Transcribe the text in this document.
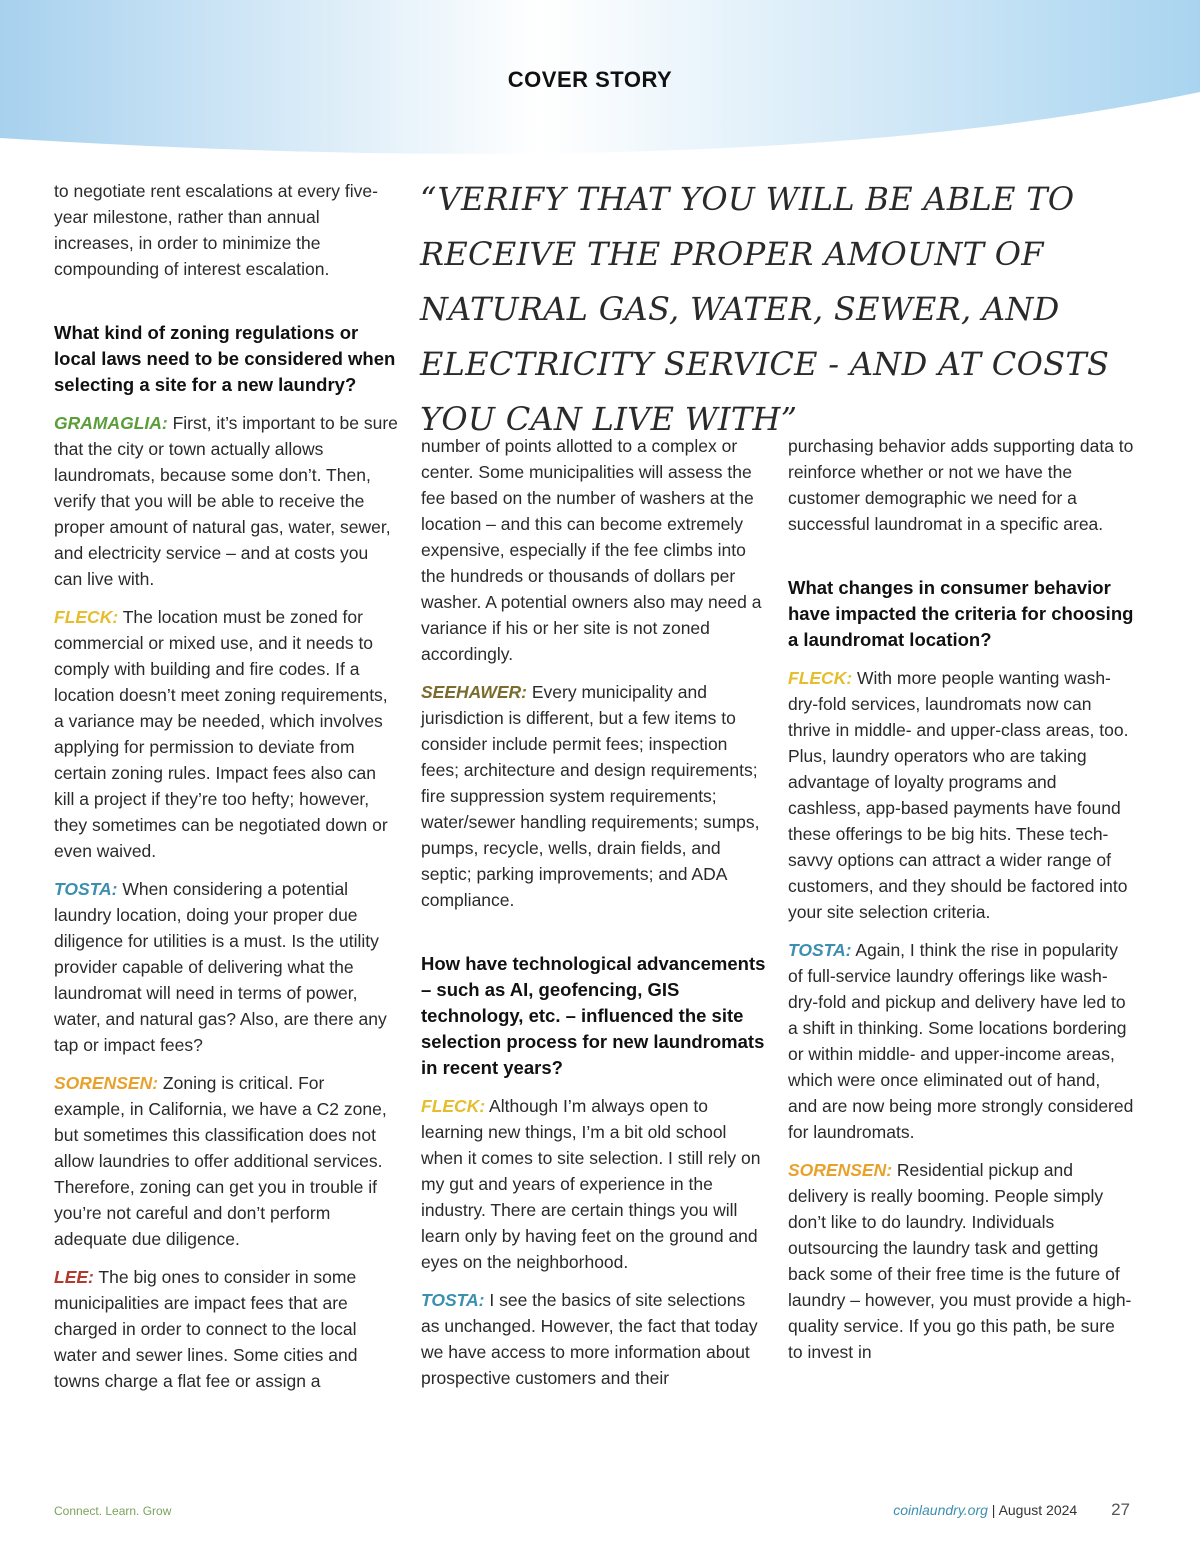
COVER STORY

to negotiate rent escalations at every five-year milestone, rather than annual increases, in order to minimize the compounding of interest escalation.

What kind of zoning regulations or local laws need to be considered when selecting a site for a new laundry?

GRAMAGLIA: First, it’s important to be sure that the city or town actually allows laundromats, because some don’t. Then, verify that you will be able to receive the proper amount of natural gas, water, sewer, and electricity service – and at costs you can live with.

FLECK: The location must be zoned for commercial or mixed use, and it needs to comply with building and fire codes. If a location doesn’t meet zoning requirements, a variance may be needed, which involves applying for permission to deviate from certain zoning rules. Impact fees also can kill a project if they’re too hefty; however, they sometimes can be negotiated down or even waived.

TOSTA: When considering a potential laundry location, doing your proper due diligence for utilities is a must. Is the utility provider capable of delivering what the laundromat will need in terms of power, water, and natural gas? Also, are there any tap or impact fees?

SORENSEN: Zoning is critical. For example, in California, we have a C2 zone, but sometimes this classification does not allow laundries to offer additional services. Therefore, zoning can get you in trouble if you’re not careful and don’t perform adequate due diligence.

LEE: The big ones to consider in some municipalities are impact fees that are charged in order to connect to the local water and sewer lines. Some cities and towns charge a flat fee or assign a

“VERIFY THAT YOU WILL BE ABLE TO RECEIVE THE PROPER AMOUNT OF NATURAL GAS, WATER, SEWER, AND ELECTRICITY SERVICE - AND AT COSTS YOU CAN LIVE WITH”

number of points allotted to a complex or center. Some municipalities will assess the fee based on the number of washers at the location – and this can become extremely expensive, especially if the fee climbs into the hundreds or thousands of dollars per washer. A potential owners also may need a variance if his or her site is not zoned accordingly.

SEEHAWER: Every municipality and jurisdiction is different, but a few items to consider include permit fees; inspection fees; architecture and design requirements; fire suppression system requirements; water/sewer handling requirements; sumps, pumps, recycle, wells, drain fields, and septic; parking improvements; and ADA compliance.

How have technological advancements – such as AI, geofencing, GIS technology, etc. – influenced the site selection process for new laundromats in recent years?

FLECK: Although I’m always open to learning new things, I’m a bit old school when it comes to site selection. I still rely on my gut and years of experience in the industry. There are certain things you will learn only by having feet on the ground and eyes on the neighborhood.

TOSTA: I see the basics of site selections as unchanged. However, the fact that today we have access to more information about prospective customers and their

purchasing behavior adds supporting data to reinforce whether or not we have the customer demographic we need for a successful laundromat in a specific area.

What changes in consumer behavior have impacted the criteria for choosing a laundromat location?

FLECK: With more people wanting wash-dry-fold services, laundromats now can thrive in middle- and upper-class areas, too. Plus, laundry operators who are taking advantage of loyalty programs and cashless, app-based payments have found these offerings to be big hits. These tech-savvy options can attract a wider range of customers, and they should be factored into your site selection criteria.

TOSTA: Again, I think the rise in popularity of full-service laundry offerings like wash-dry-fold and pickup and delivery have led to a shift in thinking. Some locations bordering or within middle- and upper-income areas, which were once eliminated out of hand, and are now being more strongly considered for laundromats.

SORENSEN: Residential pickup and delivery is really booming. People simply don’t like to do laundry. Individuals outsourcing the laundry task and getting back some of their free time is the future of laundry – however, you must provide a high-quality service. If you go this path, be sure to invest in

Connect. Learn. Grow	coinlaundry.org | August 2024 27
